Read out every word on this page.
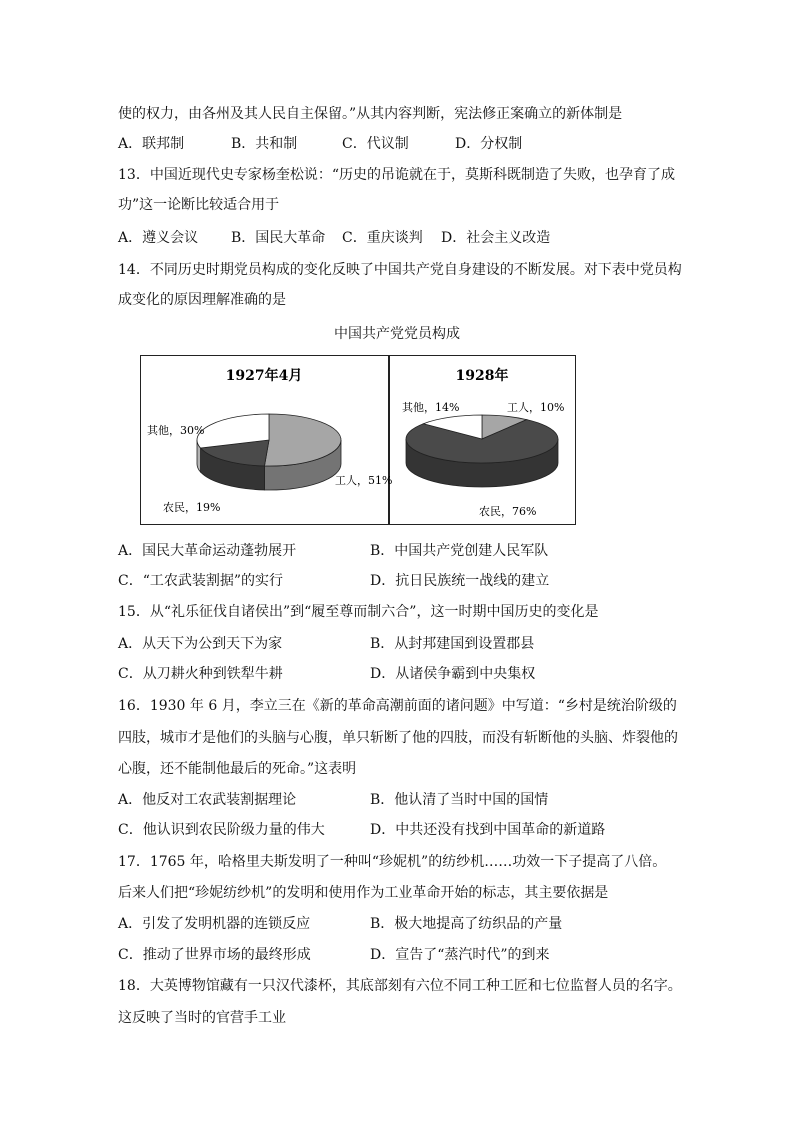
使的权力，由各州及其人民自主保留。”从其内容判断，宪法修正案确立的新体制是
A．联邦制	B．共和制	C．代议制	D．分权制
13．中国近现代史专家杨奎松说：“历史的吊诡就在于，莫斯科既制造了失败，也孕育了成
功”这一论断比较适合用于
A．遵义会议 B．国民大革命 C．重庆谈判 D．社会主义改造
14．不同历史时期党员构成的变化反映了中国共产党自身建设的不断发展。对下表中党员构
成变化的原因理解准确的是
中国共产党党员构成
1927年4月
工人，51%
农民，19%
其他，30%
1928年
工人，10%
农民，76%
其他，14%
A．国民大革命运动蓬勃展开	B．中国共产党创建人民军队
C．“工农武装割据”的实行	D．抗日民族统一战线的建立
15．从“礼乐征伐自诸侯出”到“履至尊而制六合”，这一时期中国历史的变化是
A．从天下为公到天下为家	B．从封邦建国到设置郡县
C．从刀耕火种到铁犁牛耕	D．从诸侯争霸到中央集权
16．1930 年 6 月，李立三在《新的革命高潮前面的诸问题》中写道：“乡村是统治阶级的
四肢，城市才是他们的头脑与心腹，单只斩断了他的四肢，而没有斩断他的头脑、炸裂他的
心腹，还不能制他最后的死命。”这表明
A．他反对工农武装割据理论	B．他认清了当时中国的国情
C．他认识到农民阶级力量的伟大	D．中共还没有找到中国革命的新道路
17．1765 年，哈格里夫斯发明了一种叫“珍妮机”的纺纱机……功效一下子提高了八倍。
后来人们把“珍妮纺纱机”的发明和使用作为工业革命开始的标志，其主要依据是
A．引发了发明机器的连锁反应	B．极大地提高了纺织品的产量
C．推动了世界市场的最终形成	D．宣告了“蒸汽时代”的到来
18．大英博物馆藏有一只汉代漆杯，其底部刻有六位不同工种工匠和七位监督人员的名字。
这反映了当时的官营手工业
